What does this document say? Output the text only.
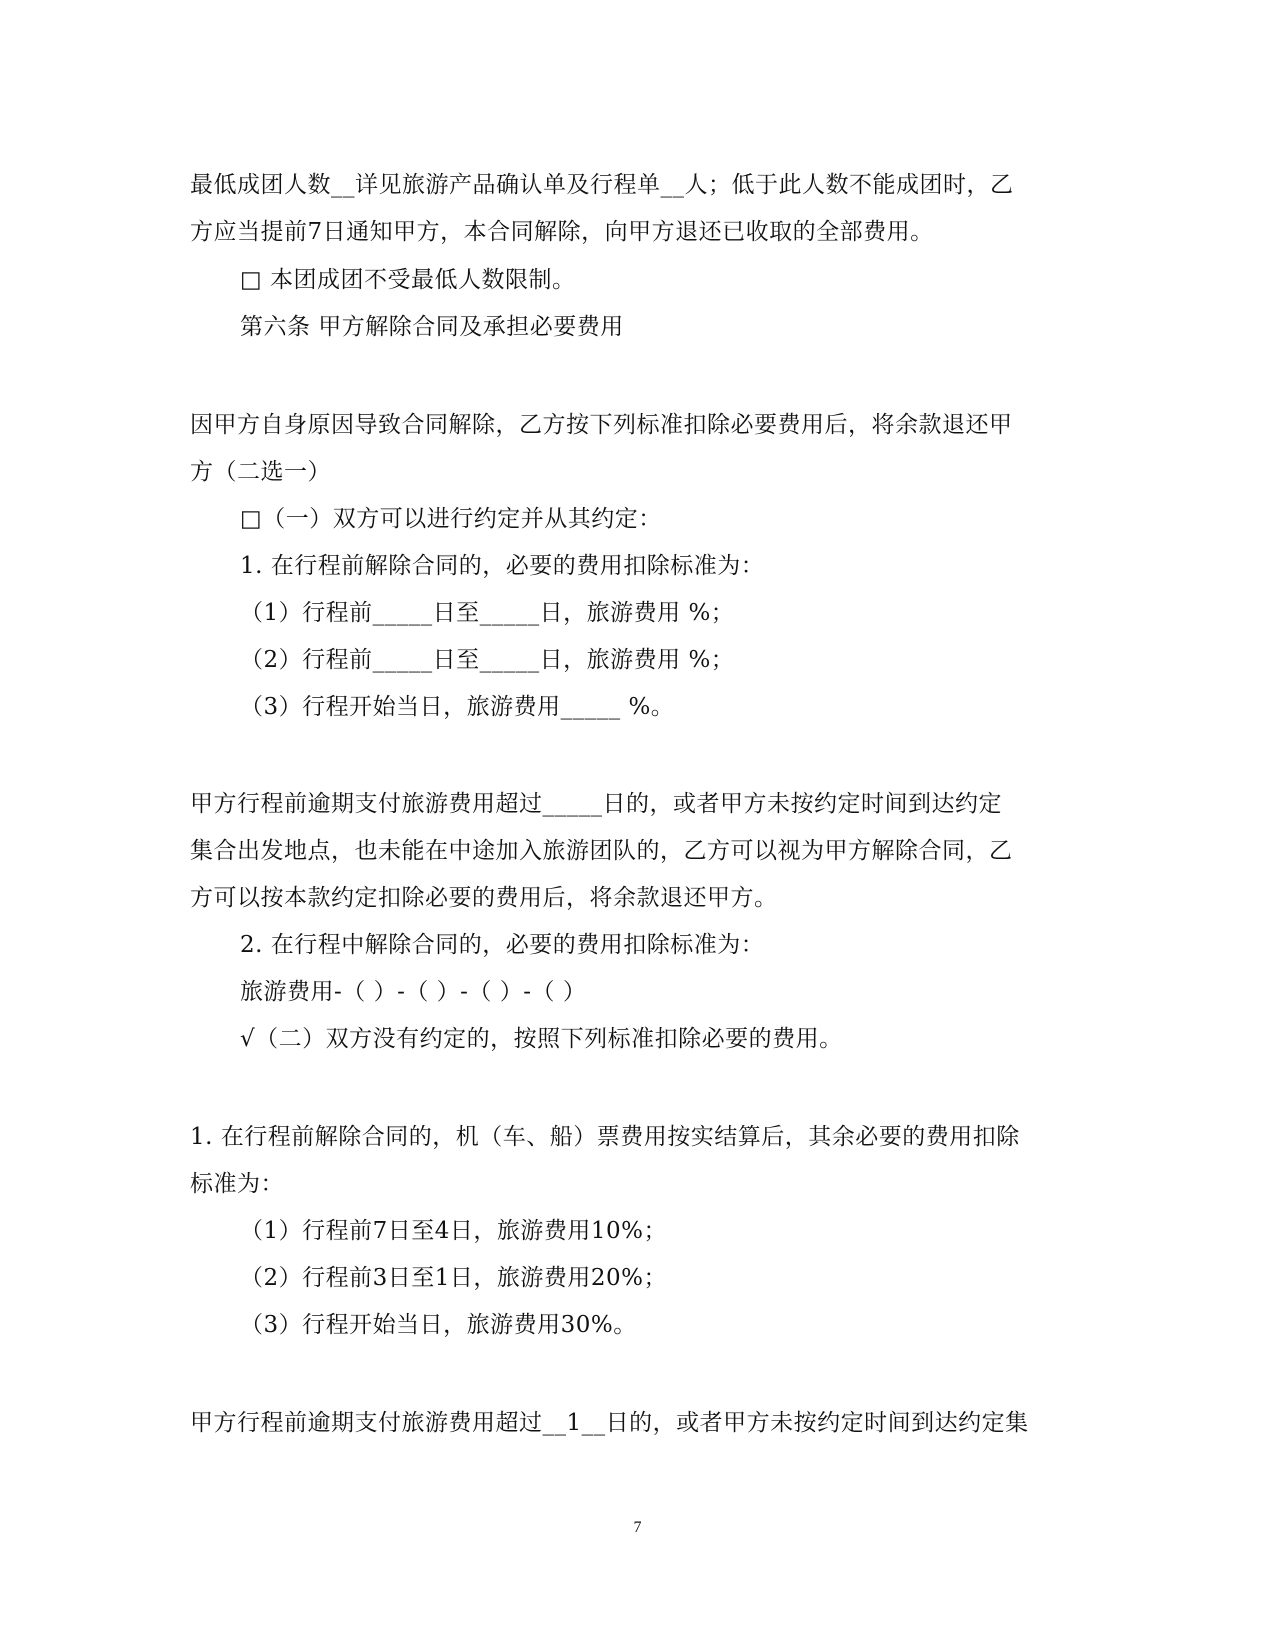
最低成团人数__详见旅游产品确认单及行程单__人；低于此人数不能成团时，乙
方应当提前7日通知甲方，本合同解除，向甲方退还已收取的全部费用。
□ 本团成团不受最低人数限制。
第六条 甲方解除合同及承担必要费用
因甲方自身原因导致合同解除，乙方按下列标准扣除必要费用后，将余款退还甲
方（二选一）
□（一）双方可以进行约定并从其约定：
1. 在行程前解除合同的，必要的费用扣除标准为：
（1）行程前_____日至_____日，旅游费用 %；
（2）行程前_____日至_____日，旅游费用 %；
（3）行程开始当日，旅游费用_____ %。
甲方行程前逾期支付旅游费用超过_____日的，或者甲方未按约定时间到达约定
集合出发地点，也未能在中途加入旅游团队的，乙方可以视为甲方解除合同，乙
方可以按本款约定扣除必要的费用后，将余款退还甲方。
2. 在行程中解除合同的，必要的费用扣除标准为：
旅游费用-（ ）-（ ）-（ ）-（ ）
√（二）双方没有约定的，按照下列标准扣除必要的费用。
1. 在行程前解除合同的，机（车、船）票费用按实结算后，其余必要的费用扣除
标准为：
（1）行程前7日至4日，旅游费用10%；
（2）行程前3日至1日，旅游费用20%；
（3）行程开始当日，旅游费用30%。
甲方行程前逾期支付旅游费用超过__1__日的，或者甲方未按约定时间到达约定集
7
